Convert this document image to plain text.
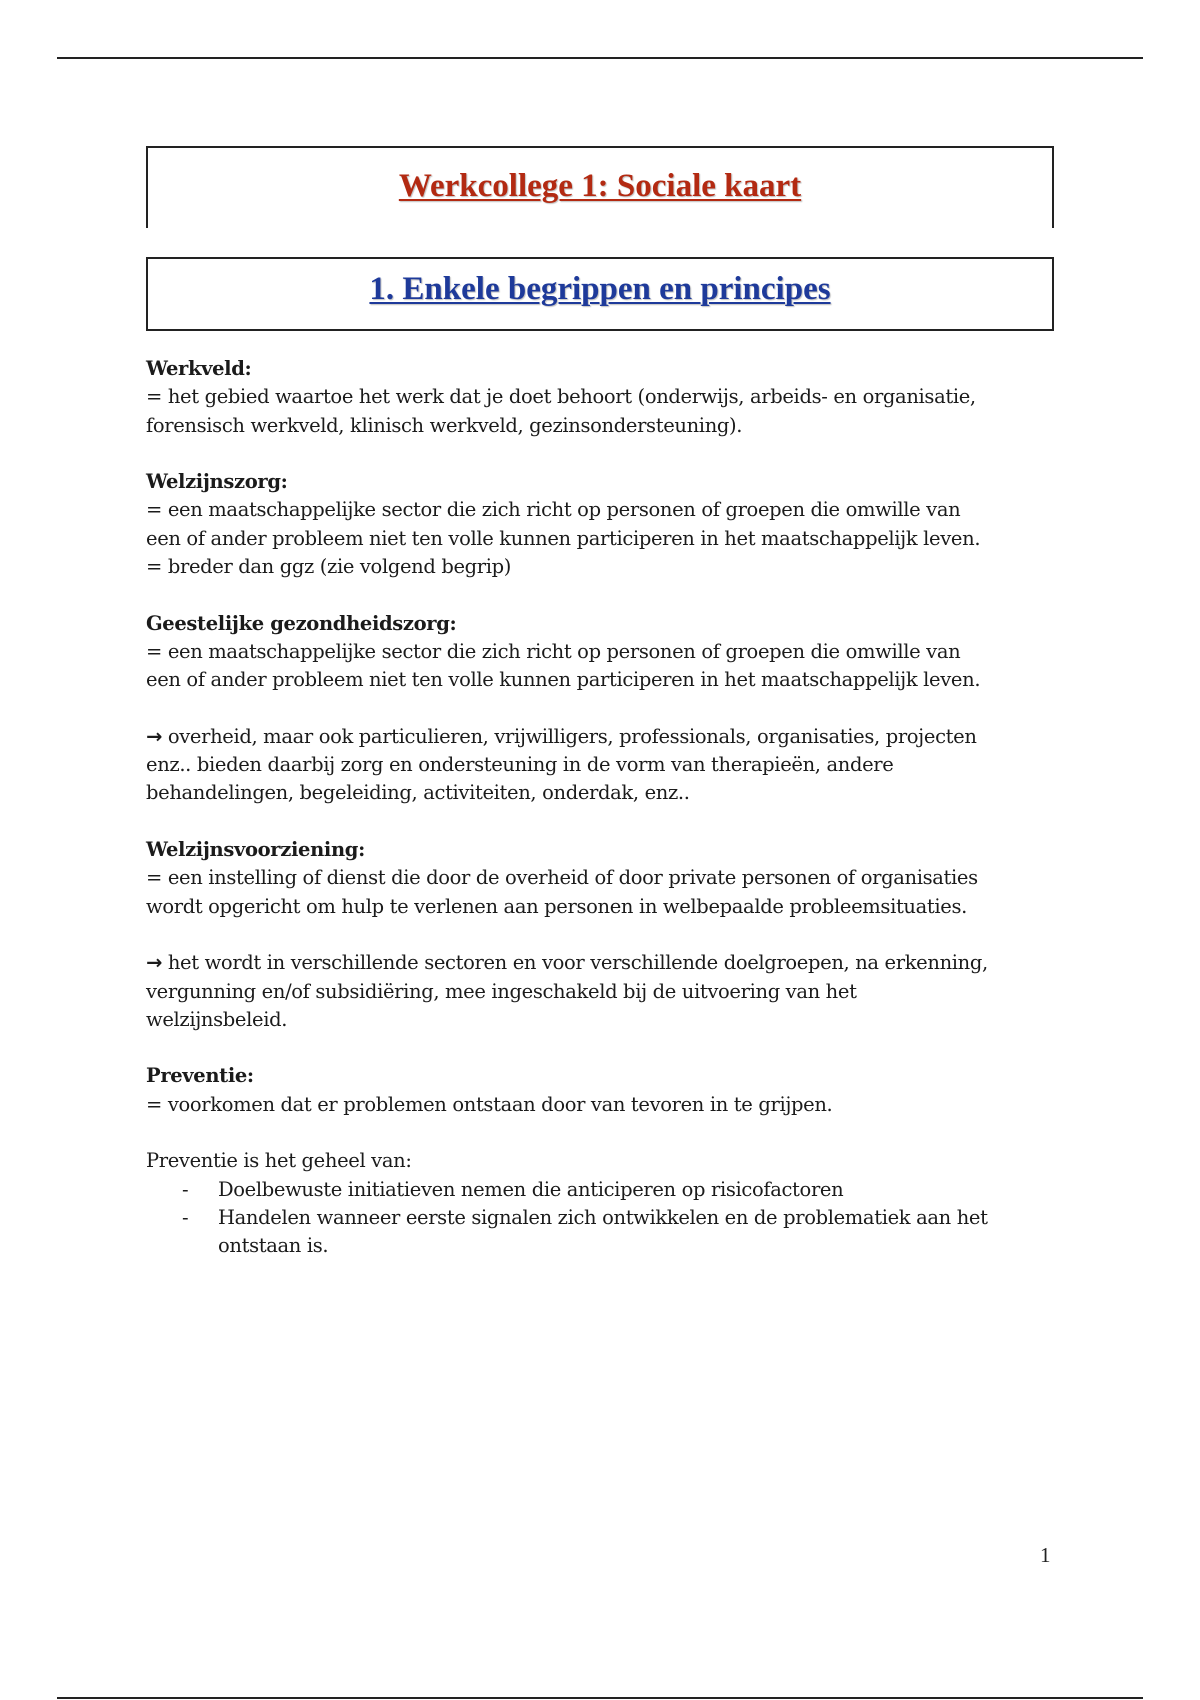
Werkcollege 1: Sociale kaart
1. Enkele begrippen en principes

Werkveld:

= het gebied waartoe het werk dat je doet behoort (onderwijs, arbeids- en organisatie,

forensisch werkveld, klinisch werkveld, gezinsondersteuning).

Welzijnszorg:

= een maatschappelijke sector die zich richt op personen of groepen die omwille van

een of ander probleem niet ten volle kunnen participeren in het maatschappelijk leven.

= breder dan ggz (zie volgend begrip)

Geestelijke gezondheidszorg:

= een maatschappelijke sector die zich richt op personen of groepen die omwille van

een of ander probleem niet ten volle kunnen participeren in het maatschappelijk leven.

→ overheid, maar ook particulieren, vrijwilligers, professionals, organisaties, projecten

enz.. bieden daarbij zorg en ondersteuning in de vorm van therapieën, andere

behandelingen, begeleiding, activiteiten, onderdak, enz..

Welzijnsvoorziening:

= een instelling of dienst die door de overheid of door private personen of organisaties

wordt opgericht om hulp te verlenen aan personen in welbepaalde probleemsituaties.

→ het wordt in verschillende sectoren en voor verschillende doelgroepen, na erkenning,

vergunning en/of subsidiëring, mee ingeschakeld bij de uitvoering van het

welzijnsbeleid.

Preventie:

= voorkomen dat er problemen ontstaan door van tevoren in te grijpen.

Preventie is het geheel van:

- Doelbewuste initiatieven nemen die anticiperen op risicofactoren
- Handelen wanneer eerste signalen zich ontwikkelen en de problematiek aan het
ontstaan is.
1
